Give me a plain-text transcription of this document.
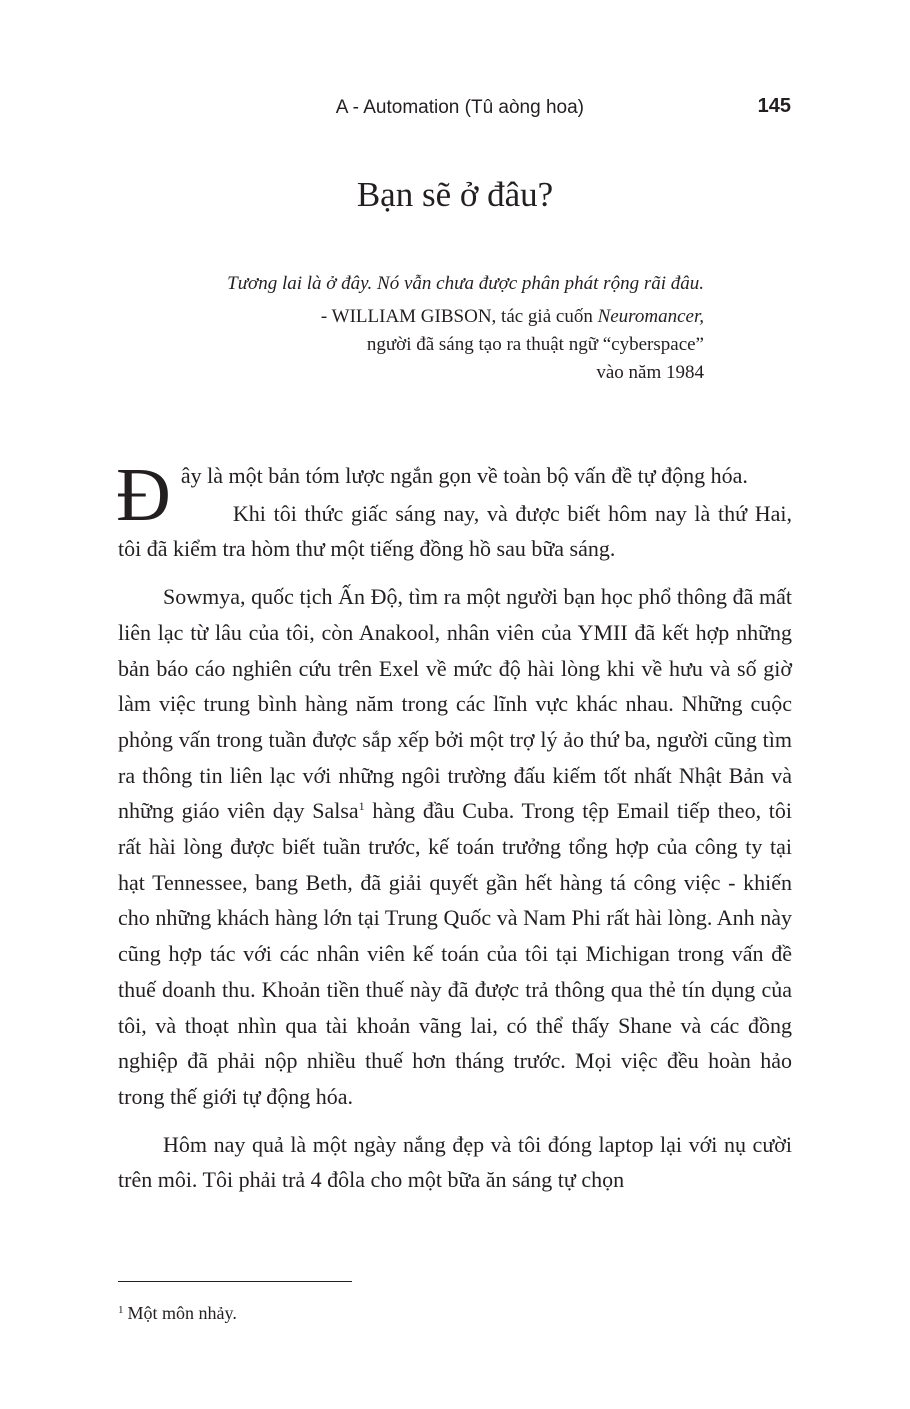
A - Automation (Tû aòng hoa)	145
Bạn sẽ ở đâu?
Tương lai là ở đây. Nó vẫn chưa được phân phát rộng rãi đâu.
- WILLIAM GIBSON, tác giả cuốn Neuromancer,
người đã sáng tạo ra thuật ngữ “cyberspace”
vào năm 1984

Đ ây là một bản tóm lược ngắn gọn về toàn bộ vấn đề tự động hóa.
Khi tôi thức giấc sáng nay, và được biết hôm nay là thứ Hai, tôi đã kiểm tra hòm thư một tiếng đồng hồ sau bữa sáng.

Sowmya, quốc tịch Ấn Độ, tìm ra một người bạn học phổ thông đã mất liên lạc từ lâu của tôi, còn Anakool, nhân viên của YMII đã kết hợp những bản báo cáo nghiên cứu trên Exel về mức độ hài lòng khi về hưu và số giờ làm việc trung bình hàng năm trong các lĩnh vực khác nhau. Những cuộc phỏng vấn trong tuần được sắp xếp bởi một trợ lý ảo thứ ba, người cũng tìm ra thông tin liên lạc với những ngôi trường đấu kiếm tốt nhất Nhật Bản và những giáo viên dạy Salsa$^1$ hàng đầu Cuba. Trong tệp Email tiếp theo, tôi rất hài lòng được biết tuần trước, kế toán trưởng tổng hợp của công ty tại hạt Tennessee, bang Beth, đã giải quyết gần hết hàng tá công việc - khiến cho những khách hàng lớn tại Trung Quốc và Nam Phi rất hài lòng. Anh này cũng hợp tác với các nhân viên kế toán của tôi tại Michigan trong vấn đề thuế doanh thu. Khoản tiền thuế này đã được trả thông qua thẻ tín dụng của tôi, và thoạt nhìn qua tài khoản vãng lai, có thể thấy Shane và các đồng nghiệp đã phải nộp nhiều thuế hơn tháng trước. Mọi việc đều hoàn hảo trong thế giới tự động hóa.

Hôm nay quả là một ngày nắng đẹp và tôi đóng laptop lại với nụ cười trên môi. Tôi phải trả 4 đôla cho một bữa ăn sáng tự chọn

$^1$ Một môn nhảy.
